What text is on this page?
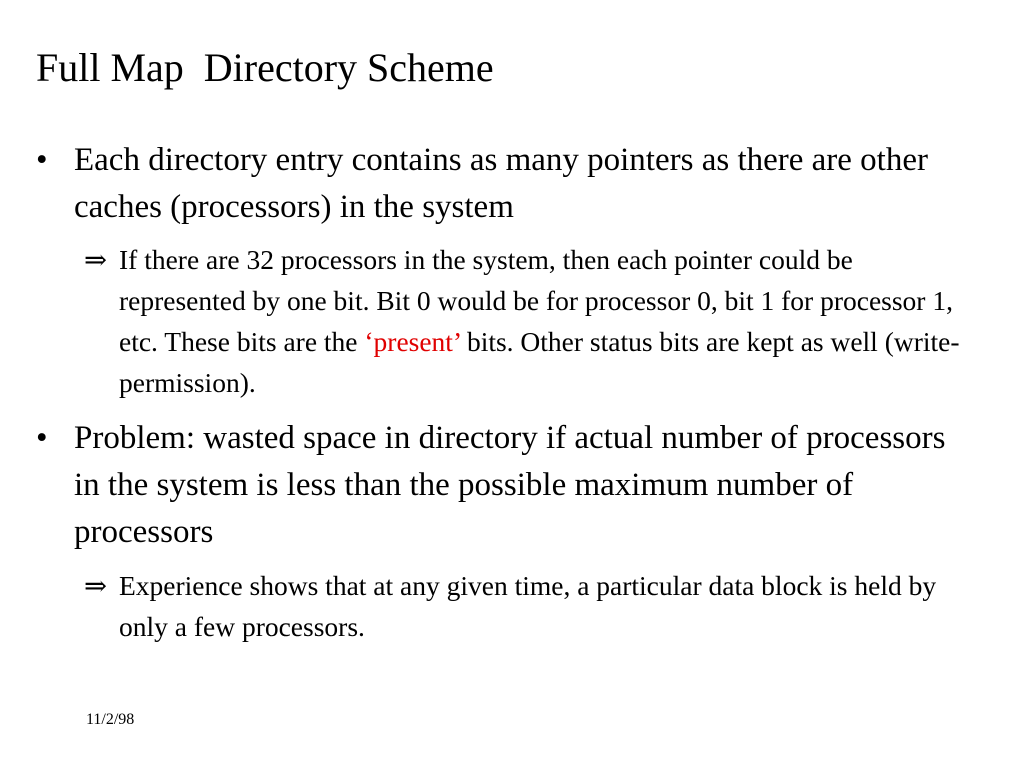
Full Map  Directory Scheme
• Each directory entry contains as many pointers as there are other caches (processors) in the system
⇒ If there are 32 processors in the system, then each pointer could be represented by one bit. Bit 0 would be for processor 0, bit 1 for processor 1, etc. These bits are the ‘present’ bits. Other status bits are kept as well (write-permission).
• Problem: wasted space in directory if actual number of processors in the system is less than the possible maximum number of processors
⇒ Experience shows that at any given time, a particular data block is held by only a few processors.
11/2/98
